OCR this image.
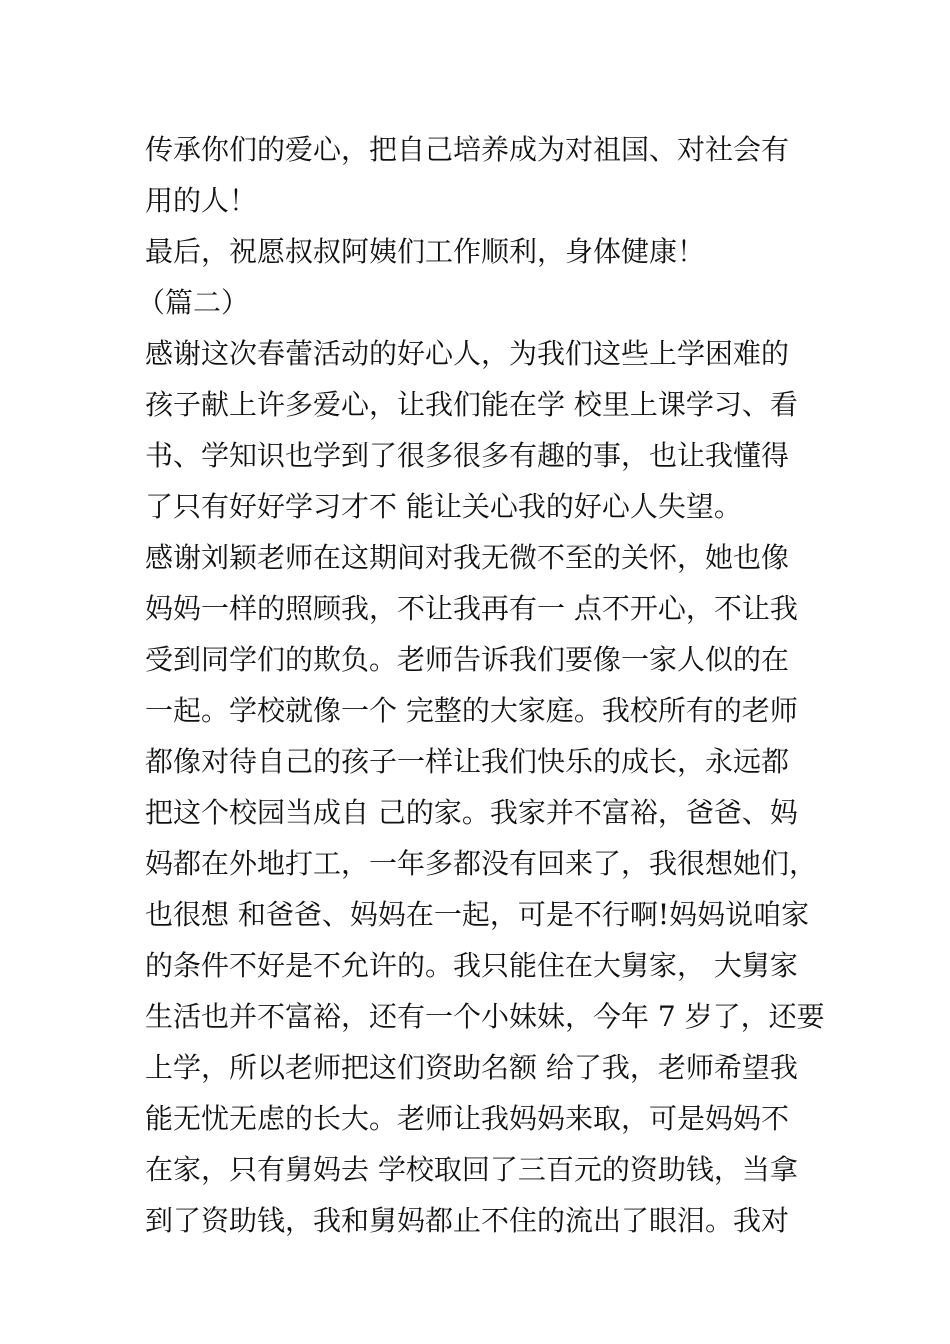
传承你们的爱心，把自己培养成为对祖国、对社会有
用的人！
最后，祝愿叔叔阿姨们工作顺利，身体健康！
（篇二）
感谢这次春蕾活动的好心人，为我们这些上学困难的
孩子献上许多爱心，让我们能在学 校里上课学习、看
书、学知识也学到了很多很多有趣的事，也让我懂得
了只有好好学习才不 能让关心我的好心人失望。
感谢刘颖老师在这期间对我无微不至的关怀，她也像
妈妈一样的照顾我，不让我再有一 点不开心，不让我
受到同学们的欺负。老师告诉我们要像一家人似的在
一起。学校就像一个 完整的大家庭。我校所有的老师
都像对待自己的孩子一样让我们快乐的成长，永远都
把这个校园当成自 己的家。我家并不富裕，爸爸、妈
妈都在外地打工，一年多都没有回来了，我很想她们，
也很想 和爸爸、妈妈在一起，可是不行啊!妈妈说咱家
的条件不好是不允许的。我只能住在大舅家， 大舅家
生活也并不富裕，还有一个小妹妹，今年 7 岁了，还要
上学，所以老师把这们资助名额 给了我，老师希望我
能无忧无虑的长大。老师让我妈妈来取，可是妈妈不
在家，只有舅妈去 学校取回了三百元的资助钱，当拿
到了资助钱，我和舅妈都止不住的流出了眼泪。我对
